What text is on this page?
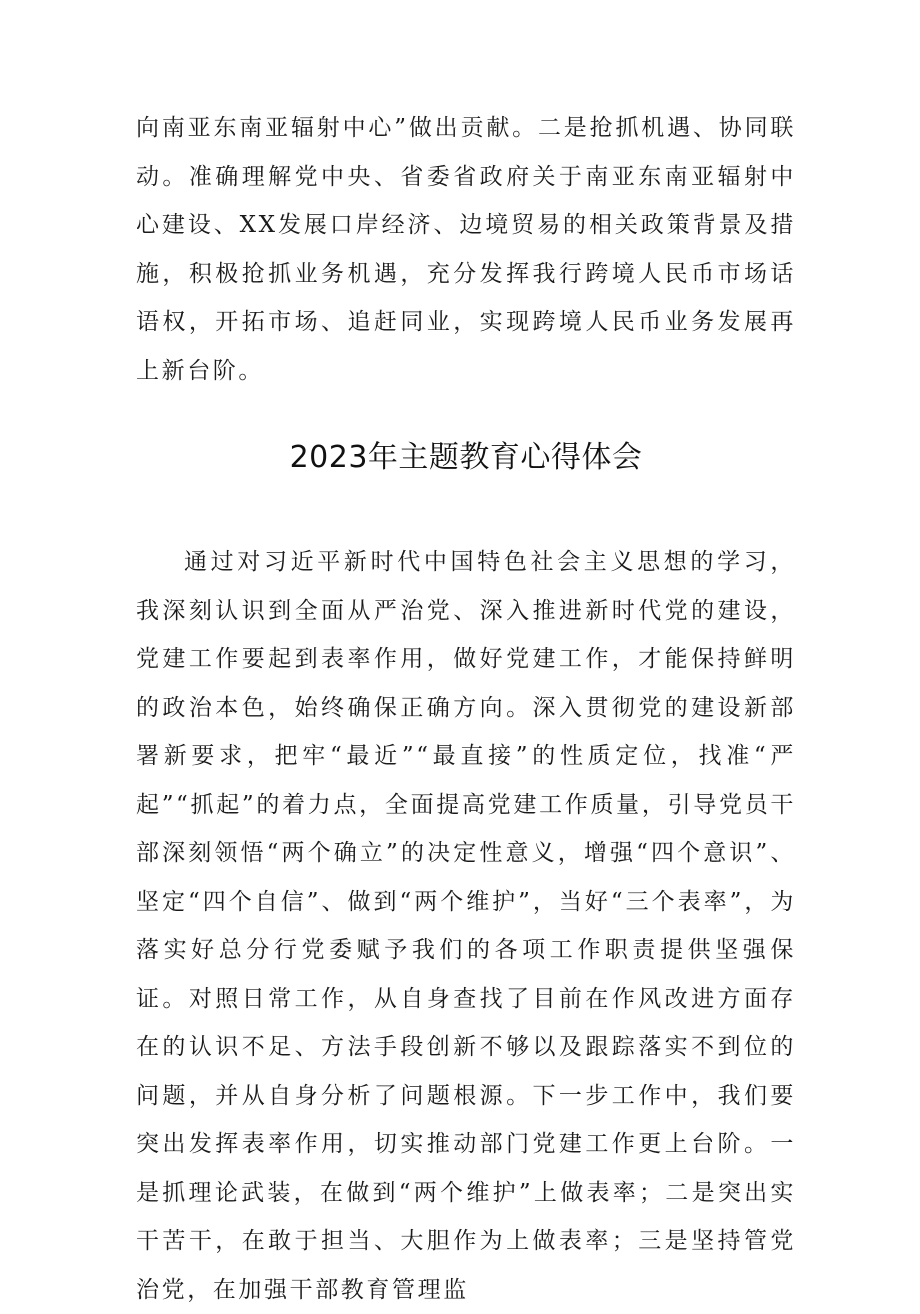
向南亚东南亚辐射中心”做出贡献。二是抢抓机遇、协同联动。准确理解党中央、省委省政府关于南亚东南亚辐射中心建设、XX发展口岸经济、边境贸易的相关政策背景及措施，积极抢抓业务机遇，充分发挥我行跨境人民币市场话语权，开拓市场、追赶同业，实现跨境人民币业务发展再上新台阶。

2023年主题教育心得体会

通过对习近平新时代中国特色社会主义思想的学习，我深刻认识到全面从严治党、深入推进新时代党的建设，党建工作要起到表率作用，做好党建工作，才能保持鲜明的政治本色，始终确保正确方向。深入贯彻党的建设新部署新要求，把牢“最近”“最直接”的性质定位，找准“严起”“抓起”的着力点，全面提高党建工作质量，引导党员干部深刻领悟“两个确立”的决定性意义，增强“四个意识”、坚定“四个自信”、做到“两个维护”，当好“三个表率”，为落实好总分行党委赋予我们的各项工作职责提供坚强保证。对照日常工作，从自身查找了目前在作风改进方面存在的认识不足、方法手段创新不够以及跟踪落实不到位的问题，并从自身分析了问题根源。下一步工作中，我们要突出发挥表率作用，切实推动部门党建工作更上台阶。一是抓理论武装，在做到“两个维护”上做表率；二是突出实干苦干，在敢于担当、大胆作为上做表率；三是坚持管党治党，在加强干部教育管理监
